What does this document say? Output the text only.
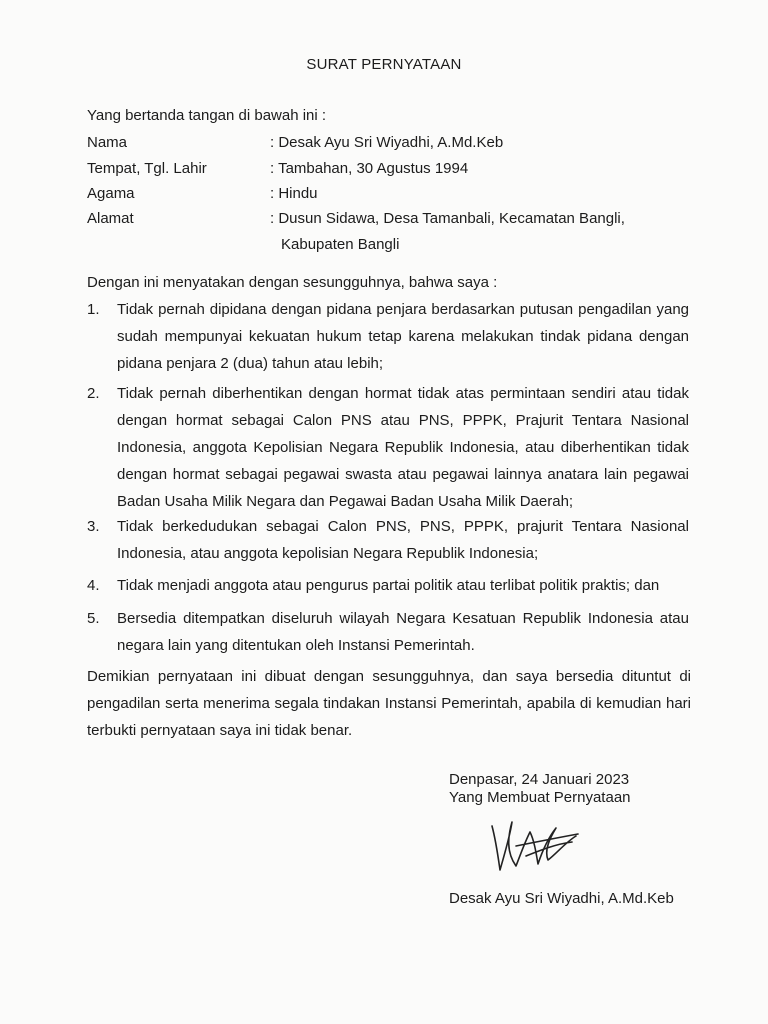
SURAT PERNYATAAN
Yang bertanda tangan di bawah ini :
Nama	: Desak Ayu Sri Wiyadhi, A.Md.Keb
Tempat, Tgl. Lahir	: Tambahan, 30 Agustus 1994
Agama	: Hindu
Alamat	: Dusun Sidawa, Desa Tamanbali, Kecamatan Bangli,
Kabupaten Bangli
Dengan ini menyatakan dengan sesungguhnya, bahwa saya :
1.	Tidak pernah dipidana dengan pidana penjara berdasarkan putusan pengadilan yang sudah mempunyai kekuatan hukum tetap karena melakukan tindak pidana dengan pidana penjara 2 (dua) tahun atau lebih;
2.	Tidak pernah diberhentikan dengan hormat tidak atas permintaan sendiri atau tidak dengan hormat sebagai Calon PNS atau PNS, PPPK, Prajurit Tentara Nasional Indonesia, anggota Kepolisian Negara Republik Indonesia, atau diberhentikan tidak dengan hormat sebagai pegawai swasta atau pegawai lainnya anatara lain pegawai Badan Usaha Milik Negara dan Pegawai Badan Usaha Milik Daerah;
3.	Tidak berkedudukan sebagai Calon PNS, PNS, PPPK, prajurit Tentara Nasional Indonesia, atau anggota kepolisian Negara Republik Indonesia;
4.	Tidak menjadi anggota atau pengurus partai politik atau terlibat politik praktis; dan
5.	Bersedia ditempatkan diseluruh wilayah Negara Kesatuan Republik Indonesia atau negara lain yang ditentukan oleh Instansi Pemerintah.
Demikian pernyataan ini dibuat dengan sesungguhnya, dan saya bersedia dituntut di pengadilan serta menerima segala tindakan Instansi Pemerintah, apabila di kemudian hari terbukti pernyataan saya ini tidak benar.
Denpasar, 24 Januari 2023
Yang Membuat Pernyataan
Desak Ayu Sri Wiyadhi, A.Md.Keb
